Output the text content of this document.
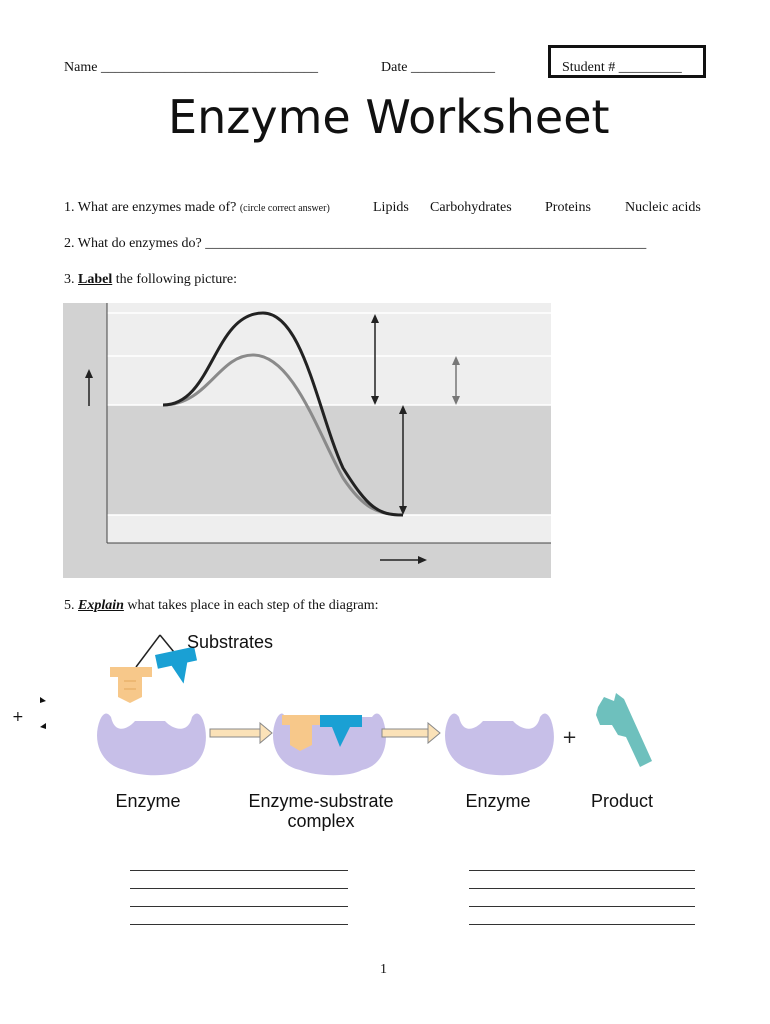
Name _______________________________	Date ____________	Student # _________
Enzyme Worksheet
1. What are enzymes made of? (circle correct answer)	Lipids Carbohydrates Proteins Nucleic acids
2. What do enzymes do? _______________________________________________________________
3. Label the following picture:
5. Explain what takes place in each step of the diagram:
+
+
Substrates
Enzyme	Enzyme-substrate
complex
Enzyme	Product
1
